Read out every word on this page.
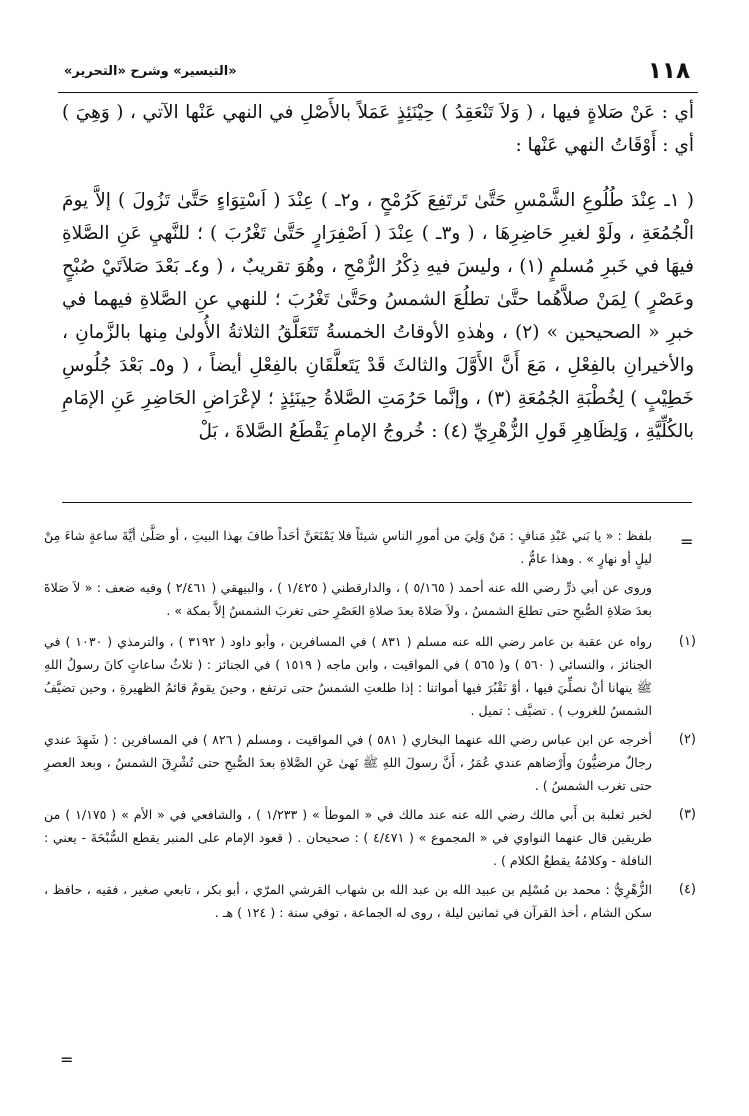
١١٨
«التيسير» وشرح «التحرير»

أي : عَنْ صَلاةٍ فيها ، ( وَلاَ تَنْعَقِدُ ) حِيْنَئِذٍ عَمَلاً بالأَصْلِ في النهي عَنْها الآتي ، ( وَهِيَ ) أي : أَوْقَاتُ النهي عَنْها :

( ١ـ عِنْدَ طُلُوعِ الشَّمْسِ حَتَّىٰ تَرتَفِعَ كَرُمْحٍ ، و٢ـ ) عِنْدَ ( اَسْتِوَاءٍ حَتَّىٰ تَزُولَ ) إلاَّ يومَ الْجُمُعَةِ ، ولَوْ لغيرِ حَاضِرِهَا ، ( و٣ـ ) عِنْدَ ( اَصْفِرَارٍ حَتَّىٰ تَغْرُبَ ) ؛ للنَّهيِ عَنِ الصَّلاةِ فيهَا في خَبرِ مُسلمٍ (١) ، وليسَ فيهِ ذِكْرُ الرُّمْحِ ، وهُوَ تقريبٌ ، ( و٤ـ بَعْدَ صَلاَتَيْ صُبْحٍ وعَصْرٍ ) لِمَنْ صلاَّهُما حتَّىٰ تطلُعَ الشمسُ وحَتَّىٰ تَغْرُبَ ؛ للنهي عنِ الصَّلاةِ فيهما في خبرِ « الصحيحين » (٢) ، وهٰذهِ الأوقاتُ الخمسةُ تَتَعَلَّقُ الثلاثةُ الأُولىٰ مِنها بالزَّمانِ ، والأخيرانِ بالفِعْلِ ، مَعَ أَنَّ الأَوَّلَ والثالثَ قَدْ يَتَعلَّقَانِ بالفِعْلِ أيضاً ، ( و٥ـ بَعْدَ جُلُوسِ خَطِيْبٍ ) لِخُطْبَةِ الجُمُعَةِ (٣) ، وإنَّما حَرُمَتِ الصَّلاةُ حِينَئِذٍ ؛ لإعْرَاضِ الحَاضِرِ عَنِ الإمَامِ بالكُلِّيَّةِ ، وَلِظَاهِرِ قَولِ الزُّهْرِيِّ (٤) : خُروجُ الإمامِ يَقْطَعُ الصَّلاةَ ، بَلْ

=

بلفظ : « يا بَني عَبْدِ مَنافٍ : مَنْ وَلِيَ من أمورِ الناسِ شيئاً فلا يَمْنَعَنَّ أحَداً طافَ بهذا البيتِ ، أو صَلَّىٰ أيَّةَ ساعةٍ شاءَ مِنْ ليلٍ أو نهارٍ » . وهذا عامٌّ .

وروى عن أبي ذرٍّ رضي الله عنه أحمد ( ٥/١٦٥ ) ، والدارقطني ( ١/٤٢٥ ) ، والبيهقي ( ٢/٤٦١ ) وفيه ضعف : « لاَ صَلاةَ بعدَ صَلاةِ الصُّبحِ حتى تطلعَ الشمسُ ، ولاَ صَلاةَ بعدَ صلاةِ العَصْرِ حتى تغربَ الشمسُ إلاَّ بمكة » .

(١)

رواه عن عقبة بن عامر رضي الله عنه مسلم ( ٨٣١ ) في المسافرين ، وأبو داود ( ٣١٩٢ ) ، والترمذي ( ١٠٣٠ ) في الجنائز ، والنسائي ( ٥٦٠ ) و( ٥٦٥ ) في المواقيت ، وابن ماجه ( ١٥١٩ ) في الجنائز : ( ثلاثُ ساعاتٍ كانَ رسولُ اللهِ ﷺ ينهانا أنْ نصلِّيَ فيها ، أوْ نَقْبُرَ فيها أمواتنا : إذا طلعتِ الشمسُ حتى ترتفع ، وحينَ يقومُ قائمُ الظهيرةِ ، وحين تضيَّفُ الشمسُ للغروب ) . تضيَّف : تميل .

(٢)

أخرجه عن ابن عباس رضي الله عنهما البخاري ( ٥٨١ ) في المواقيت ، ومسلم ( ٨٢٦ ) في المسافرين : ( شَهِدَ عندي رجالٌ مرضيُّونَ وأَرْضاهم عندي عُمَرُ ، أَنَّ رسولَ اللهِ ﷺ نَهىٰ عَنِ الصَّلاةِ بعدَ الصُّبحِ حتى تُشْرِقَ الشمسُ ، وبعد العصرِ حتى تغرب الشمسُ ) .

(٣)

لخبر ثعلبة بن أَبي مالك رضي الله عنه عند مالك في « الموطأ » ( ١/٢٣٣ ) ، والشافعي في « الأم » ( ١/١٧٥ ) من طريقين قال عنهما النواوي في « المجموع » ( ٤/٤٧١ ) : صحيحان . ( قعود الإمام على المنبر يقطع السُّبْحَةَ - يعني : النافلة - وكلامُهُ يقطعُ الكلام ) .

(٤)

الزُّهْرِيُّ : محمد بن مُسْلِم بن عبيد الله بن عبد الله بن شهاب القرشي المرّي ، أبو بكر ، تابعي صغير ، فقيه ، حافظ ، سكن الشام ، أخذ القرآن في ثمانين ليلة ، روى له الجماعة ، توفي سنة : ( ١٢٤ ) هـ .

=
